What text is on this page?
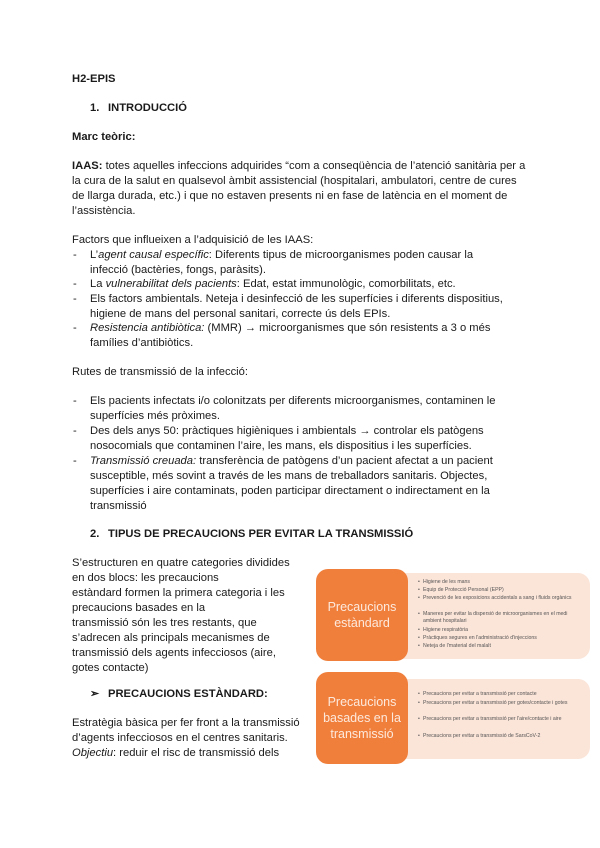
H2-EPIS
1. INTRODUCCIÓ
Marc teòric:

IAAS: totes aquelles infeccions adquirides “com a conseqüència de l’atenció sanitària per a

la cura de la salut en qualsevol àmbit assistencial (hospitalari, ambulatori, centre de cures

de llarga durada, etc.) i que no estaven presents ni en fase de latència en el moment de

l’assistència.

Factors que influeixen a l’adquisició de les IAAS:
- L’agent causal específic: Diferents tipus de microorganismes poden causar la

infecció (bactèries, fongs, paràsits).

- La vulnerabilitat dels pacients: Edat, estat immunològic, comorbilitats, etc.

- Els factors ambientals. Neteja i desinfecció de les superfícies i diferents dispositius,

higiene de mans del personal sanitari, correcte ús dels EPIs.

- Resistencia antibiòtica: (MMR) → microorganismes que són resistents a 3 o més

famílies d’antibiòtics.

Rutes de transmissió de la infecció:
- Els pacients infectats i/o colonitzats per diferents microorganismes, contaminen le

superfícies més pròximes.

- Des dels anys 50: pràctiques higièniques i ambientals → controlar els patògens

nosocomials que contaminen l’aire, les mans, els dispositius i les superfícies.

- Transmissió creuada: transferència de patògens d’un pacient afectat a un pacient

susceptible, més sovint a través de les mans de treballadors sanitaris. Objectes,

superfícies i aire contaminats, poden participar directament o indirectament en la

transmissió

2. TIPUS DE PRECAUCIONS PER EVITAR LA TRANSMISSIÓ

S’estructuren en quatre categories dividides

en dos blocs: les precaucions

estàndard formen la primera categoria i les

precaucions basades en la

transmissió són les tres restants, que

s’adrecen als principals mecanismes de

transmissió dels agents infecciosos (aire,

gotes contacte)

➢ PRECAUCIONS ESTÀNDARD:

Estratègia bàsica per fer front a la transmissió

d’agents infecciosos en el centres sanitaris.

Objectiu: reduir el risc de transmissió dels

Precaucions estàndard
• Higiene de les mans
• Equip de Protecció Personal (EPP)
• Prevenció de les exposicions accidentals a sang i fluids orgànics
• Maneres per evitar la dispersió de microorganismes en el medi ambient hospitalari
• Higiene respiratòria
• Pràctiques segures en l'administració d'injeccions
• Neteja de l'material del malalt
Precaucions basades en la transmissió
• Precaucions per evitar a transmissió per contacte
• Precaucions per evitar a transmissió per gotes/contacte i gotes
• Precaucions per evitar a transmissió per l'aire/contacte i aire
• Precaucions per evitar a transmissió de SarsCoV-2
